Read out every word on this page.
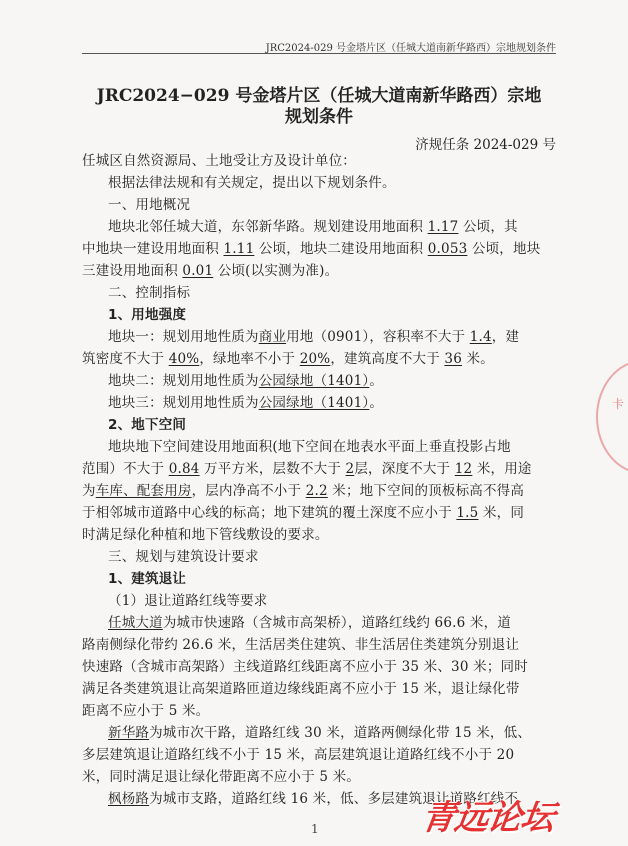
JRC2024-029 号金塔片区（任城大道南新华路西）宗地规划条件
JRC2024−029 号金塔片区（任城大道南新华路西）宗地
规划条件
济规任条 2024-029 号
任城区自然资源局、土地受让方及设计单位：
根据法律法规和有关规定，提出以下规划条件。
一、用地概况
地块北邻任城大道，东邻新华路。规划建设用地面积 1.17 公顷，其
中地块一建设用地面积 1.11 公顷，地块二建设用地面积 0.053 公顷，地块
三建设用地面积 0.01 公顷(以实测为准)。
二、控制指标
1、用地强度
地块一：规划用地性质为商业用地（0901），容积率不大于 1.4，建
筑密度不大于 40%，绿地率不小于 20%，建筑高度不大于 36 米。
地块二：规划用地性质为公园绿地（1401）。
地块三：规划用地性质为公园绿地（1401）。
2、地下空间
地块地下空间建设用地面积(地下空间在地表水平面上垂直投影占地
范围）不大于 0.84 万平方米，层数不大于 2层，深度不大于 12 米，用途
为车库、配套用房，层内净高不小于 2.2 米；地下空间的顶板标高不得高
于相邻城市道路中心线的标高；地下建筑的覆土深度不应小于 1.5 米，同
时满足绿化种植和地下管线敷设的要求。
三、规划与建筑设计要求
1、建筑退让
（1）退让道路红线等要求
任城大道为城市快速路（含城市高架桥），道路红线约 66.6 米，道
路南侧绿化带约 26.6 米，生活居类住建筑、非生活居住类建筑分别退让
快速路（含城市高架路）主线道路红线距离不应小于 35 米、30 米；同时
满足各类建筑退让高架道路匝道边缘线距离不应小于 15 米，退让绿化带
距离不应小于 5 米。
新华路为城市次干路，道路红线 30 米，道路两侧绿化带 15 米，低、
多层建筑退让道路红线不小于 15 米，高层建筑退让道路红线不小于 20
米，同时满足退让绿化带距离不应小于 5 米。
枫杨路为城市支路，道路红线 16 米，低、多层建筑退让道路红线不
卡
1	青远论坛
